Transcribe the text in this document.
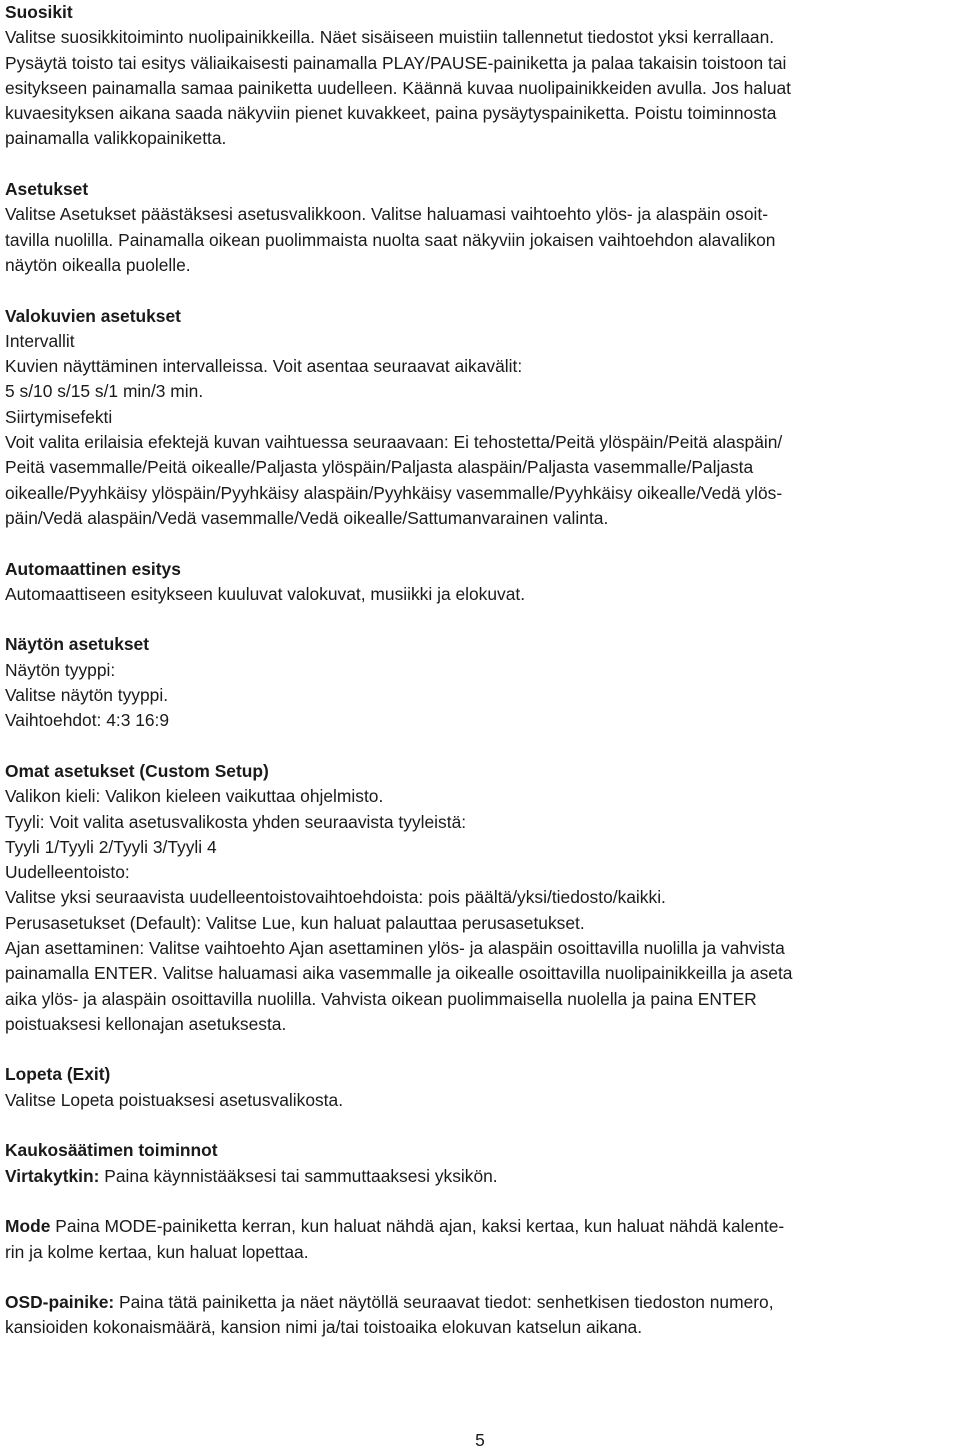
Suosikit

Valitse suosikkitoiminto nuolipainikkeilla. Näet sisäiseen muistiin tallennetut tiedostot yksi kerrallaan.

Pysäytä toisto tai esitys väliaikaisesti painamalla PLAY/PAUSE-painiketta ja palaa takaisin toistoon tai

esitykseen painamalla samaa painiketta uudelleen. Käännä kuvaa nuolipainikkeiden avulla. Jos haluat

kuvaesityksen aikana saada näkyviin pienet kuvakkeet, paina pysäytyspainiketta. Poistu toiminnosta

painamalla valikkopainiketta.

Asetukset

Valitse Asetukset päästäksesi asetusvalikkoon. Valitse haluamasi vaihtoehto ylös- ja alaspäin osoit-

tavilla nuolilla. Painamalla oikean puolimmaista nuolta saat näkyviin jokaisen vaihtoehdon alavalikon

näytön oikealla puolelle.

Valokuvien asetukset

Intervallit

Kuvien näyttäminen intervalleissa. Voit asentaa seuraavat aikavälit:

5 s/10 s/15 s/1 min/3 min.

Siirtymisefekti

Voit valita erilaisia efektejä kuvan vaihtuessa seuraavaan: Ei tehostetta/Peitä ylöspäin/Peitä alaspäin/

Peitä vasemmalle/Peitä oikealle/Paljasta ylöspäin/Paljasta alaspäin/Paljasta vasemmalle/Paljasta

oikealle/Pyyhkäisy ylöspäin/Pyyhkäisy alaspäin/Pyyhkäisy vasemmalle/Pyyhkäisy oikealle/Vedä ylös-

päin/Vedä alaspäin/Vedä vasemmalle/Vedä oikealle/Sattumanvarainen valinta.

Automaattinen esitys

Automaattiseen esitykseen kuuluvat valokuvat, musiikki ja elokuvat.

Näytön asetukset

Näytön tyyppi:

Valitse näytön tyyppi.

Vaihtoehdot: 4:3 16:9

Omat asetukset (Custom Setup)

Valikon kieli: Valikon kieleen vaikuttaa ohjelmisto.

Tyyli: Voit valita asetusvalikosta yhden seuraavista tyyleistä:

Tyyli 1/Tyyli 2/Tyyli 3/Tyyli 4

Uudelleentoisto:

Valitse yksi seuraavista uudelleentoistovaihtoehdoista: pois päältä/yksi/tiedosto/kaikki.

Perusasetukset (Default): Valitse Lue, kun haluat palauttaa perusasetukset.

Ajan asettaminen: Valitse vaihtoehto Ajan asettaminen ylös- ja alaspäin osoittavilla nuolilla ja vahvista

painamalla ENTER. Valitse haluamasi aika vasemmalle ja oikealle osoittavilla nuolipainikkeilla ja aseta

aika ylös- ja alaspäin osoittavilla nuolilla. Vahvista oikean puolimmaisella nuolella ja paina ENTER

poistuaksesi kellonajan asetuksesta.

Lopeta (Exit)

Valitse Lopeta poistuaksesi asetusvalikosta.

Kaukosäätimen toiminnot

Virtakytkin: Paina käynnistääksesi tai sammuttaaksesi yksikön.

Mode Paina MODE-painiketta kerran, kun haluat nähdä ajan, kaksi kertaa, kun haluat nähdä kalente-

rin ja kolme kertaa, kun haluat lopettaa.

OSD-painike: Paina tätä painiketta ja näet näytöllä seuraavat tiedot: senhetkisen tiedoston numero,

kansioiden kokonaismäärä, kansion nimi ja/tai toistoaika elokuvan katselun aikana.

5
